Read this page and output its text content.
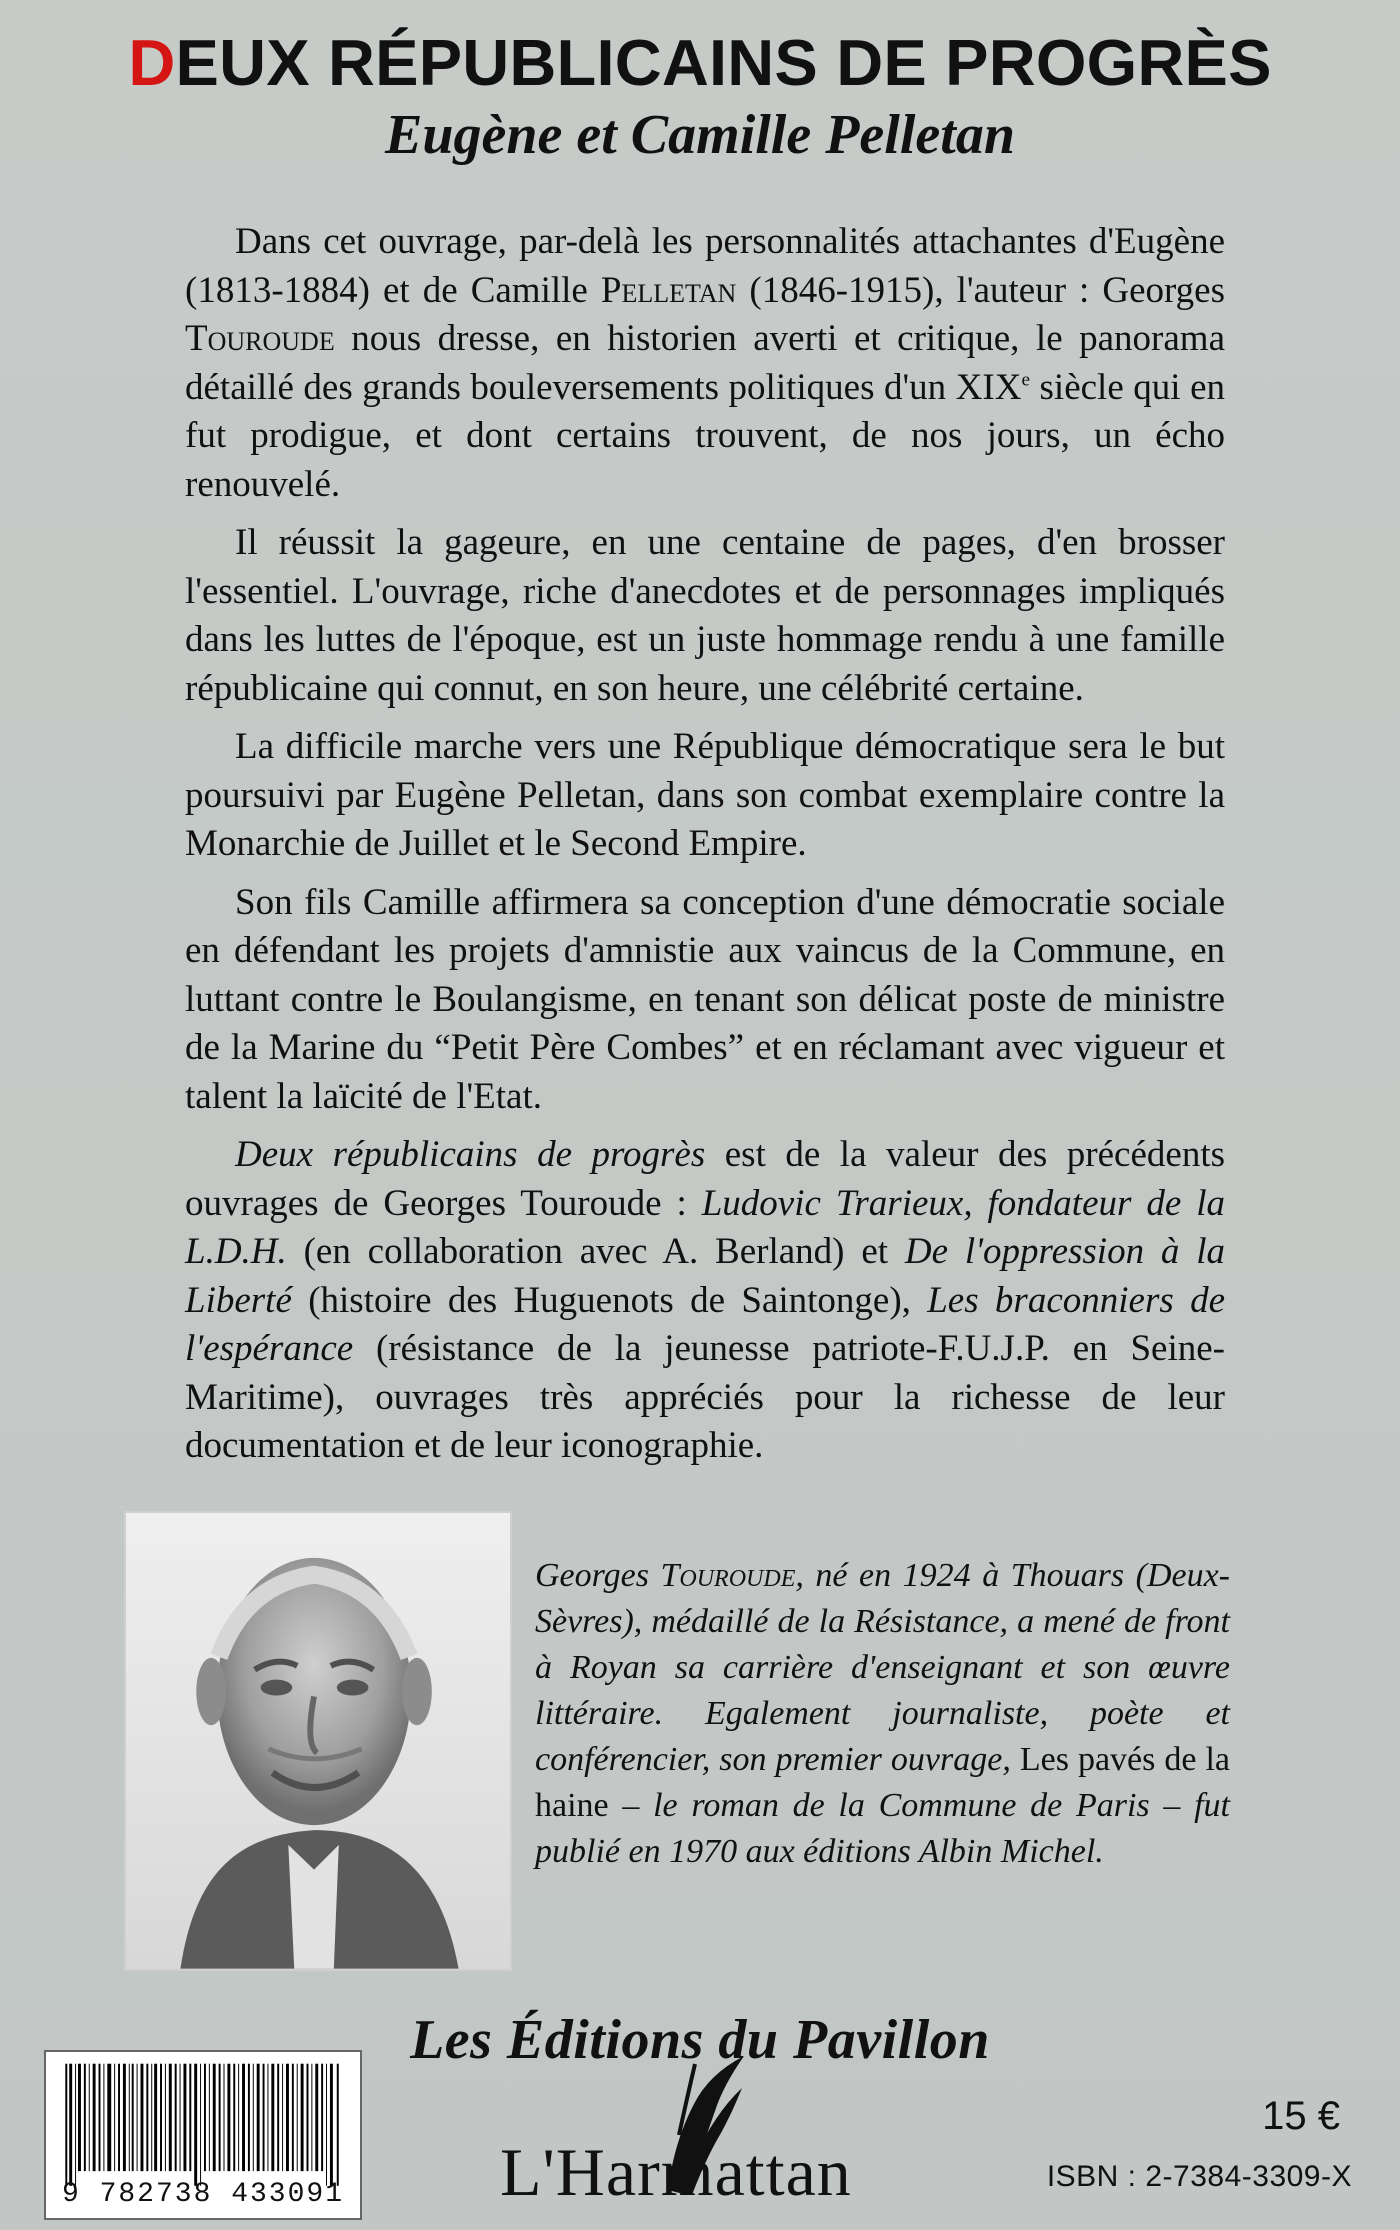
DEUX RÉPUBLICAINS DE PROGRÈS
Eugène et Camille Pelletan

Dans cet ouvrage, par-delà les personnalités attachantes d'Eugène (1813-1884) et de Camille Pelletan (1846-1915), l'auteur : Georges Touroude nous dresse, en historien averti et critique, le panorama détaillé des grands bouleversements politiques d'un XIXe siècle qui en fut prodigue, et dont certains trouvent, de nos jours, un écho renouvelé.

Il réussit la gageure, en une centaine de pages, d'en brosser l'essentiel. L'ouvrage, riche d'anecdotes et de personnages impliqués dans les luttes de l'époque, est un juste hommage rendu à une famille républicaine qui connut, en son heure, une célébrité certaine.

La difficile marche vers une République démocratique sera le but poursuivi par Eugène Pelletan, dans son combat exemplaire contre la Monarchie de Juillet et le Second Empire.

Son fils Camille affirmera sa conception d'une démocratie sociale en défendant les projets d'amnistie aux vaincus de la Commune, en luttant contre le Boulangisme, en tenant son délicat poste de ministre de la Marine du “Petit Père Combes” et en réclamant avec vigueur et talent la laïcité de l'Etat.

Deux républicains de progrès est de la valeur des précédents ouvrages de Georges Touroude : Ludovic Trarieux, fondateur de la L.D.H. (en collaboration avec A. Berland) et De l'oppression à la Liberté (histoire des Huguenots de Saintonge), Les braconniers de l'espérance (résistance de la jeunesse patriote-F.U.J.P. en Seine-Maritime), ouvrages très appréciés pour la richesse de leur documentation et de leur iconographie.

Georges Touroude, né en 1924 à Thouars (Deux-Sèvres), médaillé de la Résistance, a mené de front à Royan sa carrière d'enseignant et son œuvre littéraire. Egalement journaliste, poète et conférencier, son premier ouvrage, Les pavés de la haine – le roman de la Commune de Paris – fut publié en 1970 aux éditions Albin Michel.
Les Éditions du Pavillon
9 782738 433091 L'Harmattan
15 €
ISBN : 2-7384-3309-X
